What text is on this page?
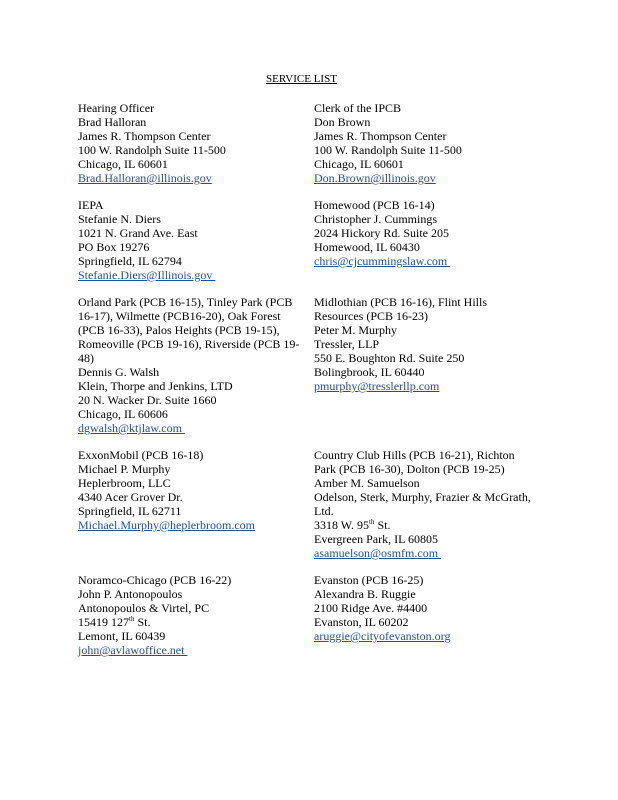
SERVICE LIST
Hearing Officer
Brad Halloran
James R. Thompson Center
100 W. Randolph Suite 11-500
Chicago, IL 60601
Brad.Halloran@illinois.gov
Clerk of the IPCB
Don Brown
James R. Thompson Center
100 W. Randolph Suite 11-500
Chicago, IL 60601
Don.Brown@illinois.gov
IEPA
Stefanie N. Diers
1021 N. Grand Ave. East
PO Box 19276
Springfield, IL 62794
Stefanie.Diers@Illinois.gov
Homewood (PCB 16-14)
Christopher J. Cummings
2024 Hickory Rd. Suite 205
Homewood, IL 60430
chris@cjcummingslaw.com
Orland Park (PCB 16-15), Tinley Park (PCB
16-17), Wilmette (PCB16-20), Oak Forest
(PCB 16-33), Palos Heights (PCB 19-15),
Romeoville (PCB 19-16), Riverside (PCB 19-
48)
Dennis G. Walsh
Klein, Thorpe and Jenkins, LTD
20 N. Wacker Dr. Suite 1660
Chicago, IL 60606
dgwalsh@ktjlaw.com
Midlothian (PCB 16-16), Flint Hills
Resources (PCB 16-23)
Peter M. Murphy
Tressler, LLP
550 E. Boughton Rd. Suite 250
Bolingbrook, IL 60440
pmurphy@tresslerllp.com
ExxonMobil (PCB 16-18)
Michael P. Murphy
Heplerbroom, LLC
4340 Acer Grover Dr.
Springfield, IL 62711
Michael.Murphy@heplerbroom.com
Country Club Hills (PCB 16-21), Richton
Park (PCB 16-30), Dolton (PCB 19-25)
Amber M. Samuelson
Odelson, Sterk, Murphy, Frazier & McGrath,
Ltd.
3318 W. 95th St.
Evergreen Park, IL 60805
asamuelson@osmfm.com
Noramco-Chicago (PCB 16-22)
John P. Antonopoulos
Antonopoulos & Virtel, PC
15419 127th St.
Lemont, IL 60439
john@avlawoffice.net
Evanston (PCB 16-25)
Alexandra B. Ruggie
2100 Ridge Ave. #4400
Evanston, IL 60202
aruggie@cityofevanston.org
